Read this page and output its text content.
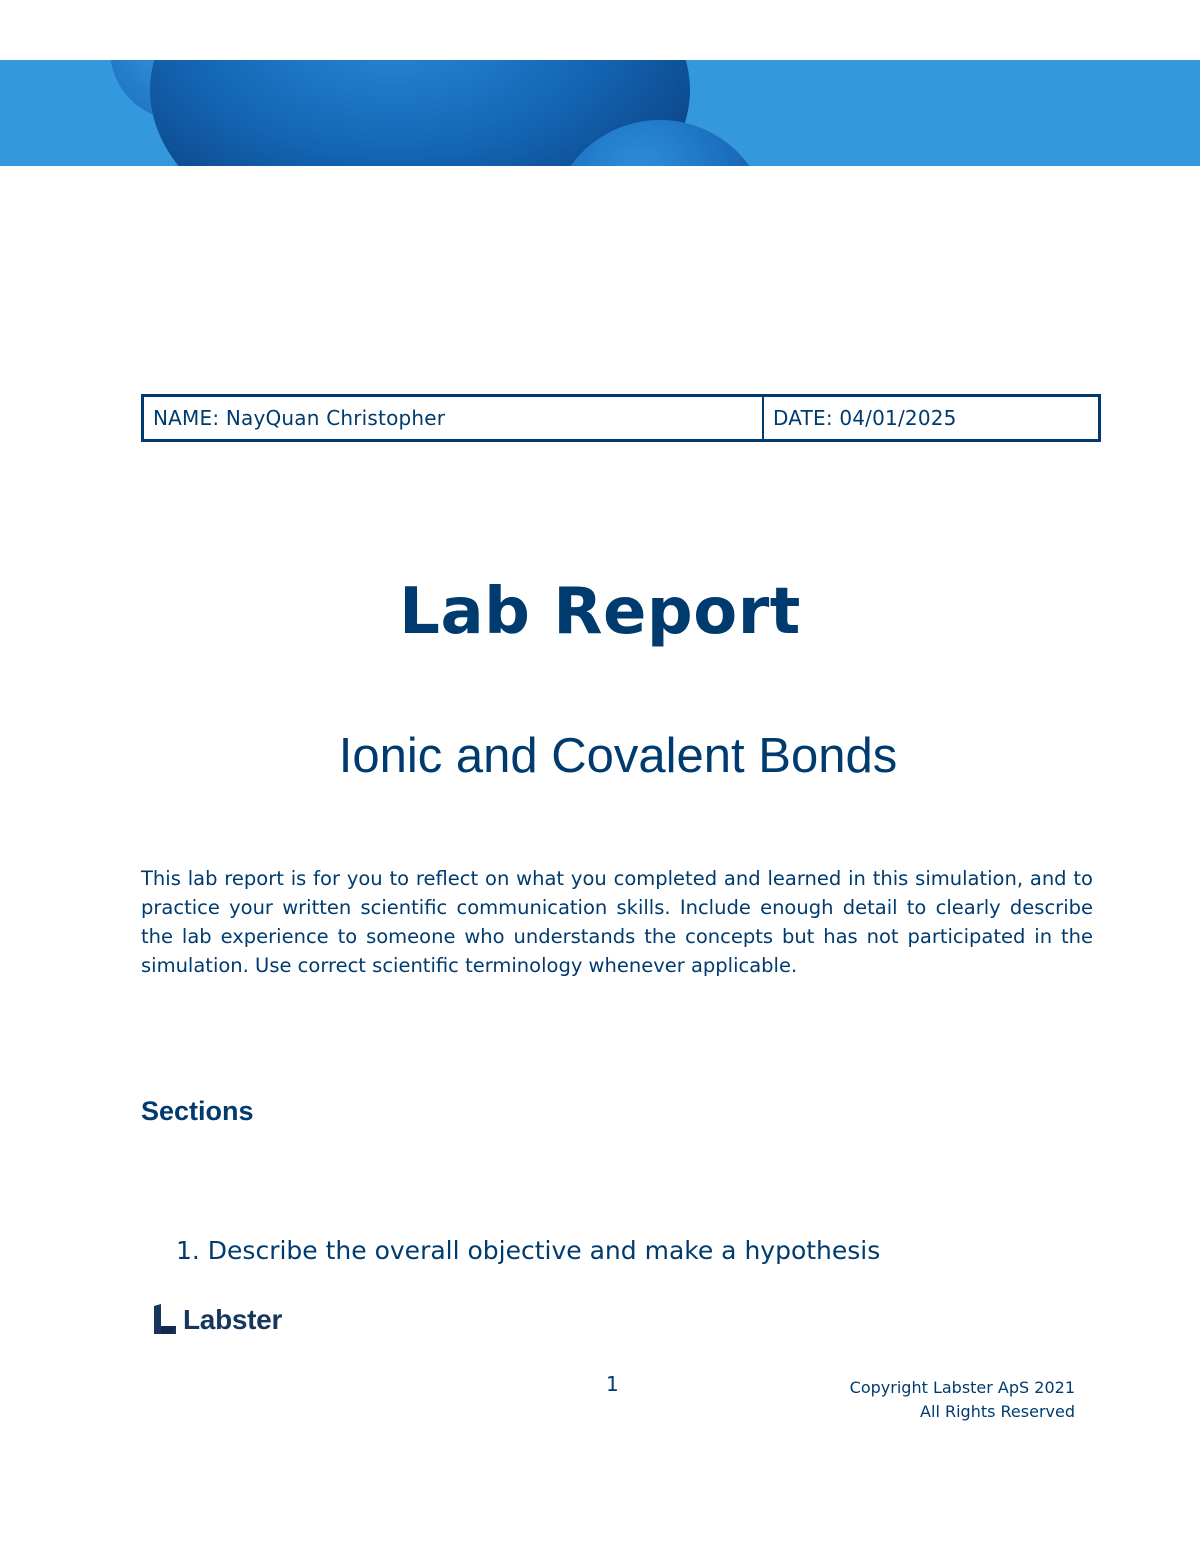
NAME: NayQuan Christopher	DATE: 04/01/2025
Lab Report
Ionic and Covalent Bonds

This lab report is for you to reflect on what you completed and learned in this simulation, and to practice your written scientific communication skills. Include enough detail to clearly describe the lab experience to someone who understands the concepts but has not participated in the simulation. Use correct scientific terminology whenever applicable.

Sections

1. Describe the overall objective and make a hypothesis

Labster
1	Copyright Labster ApS 2021
All Rights Reserved
